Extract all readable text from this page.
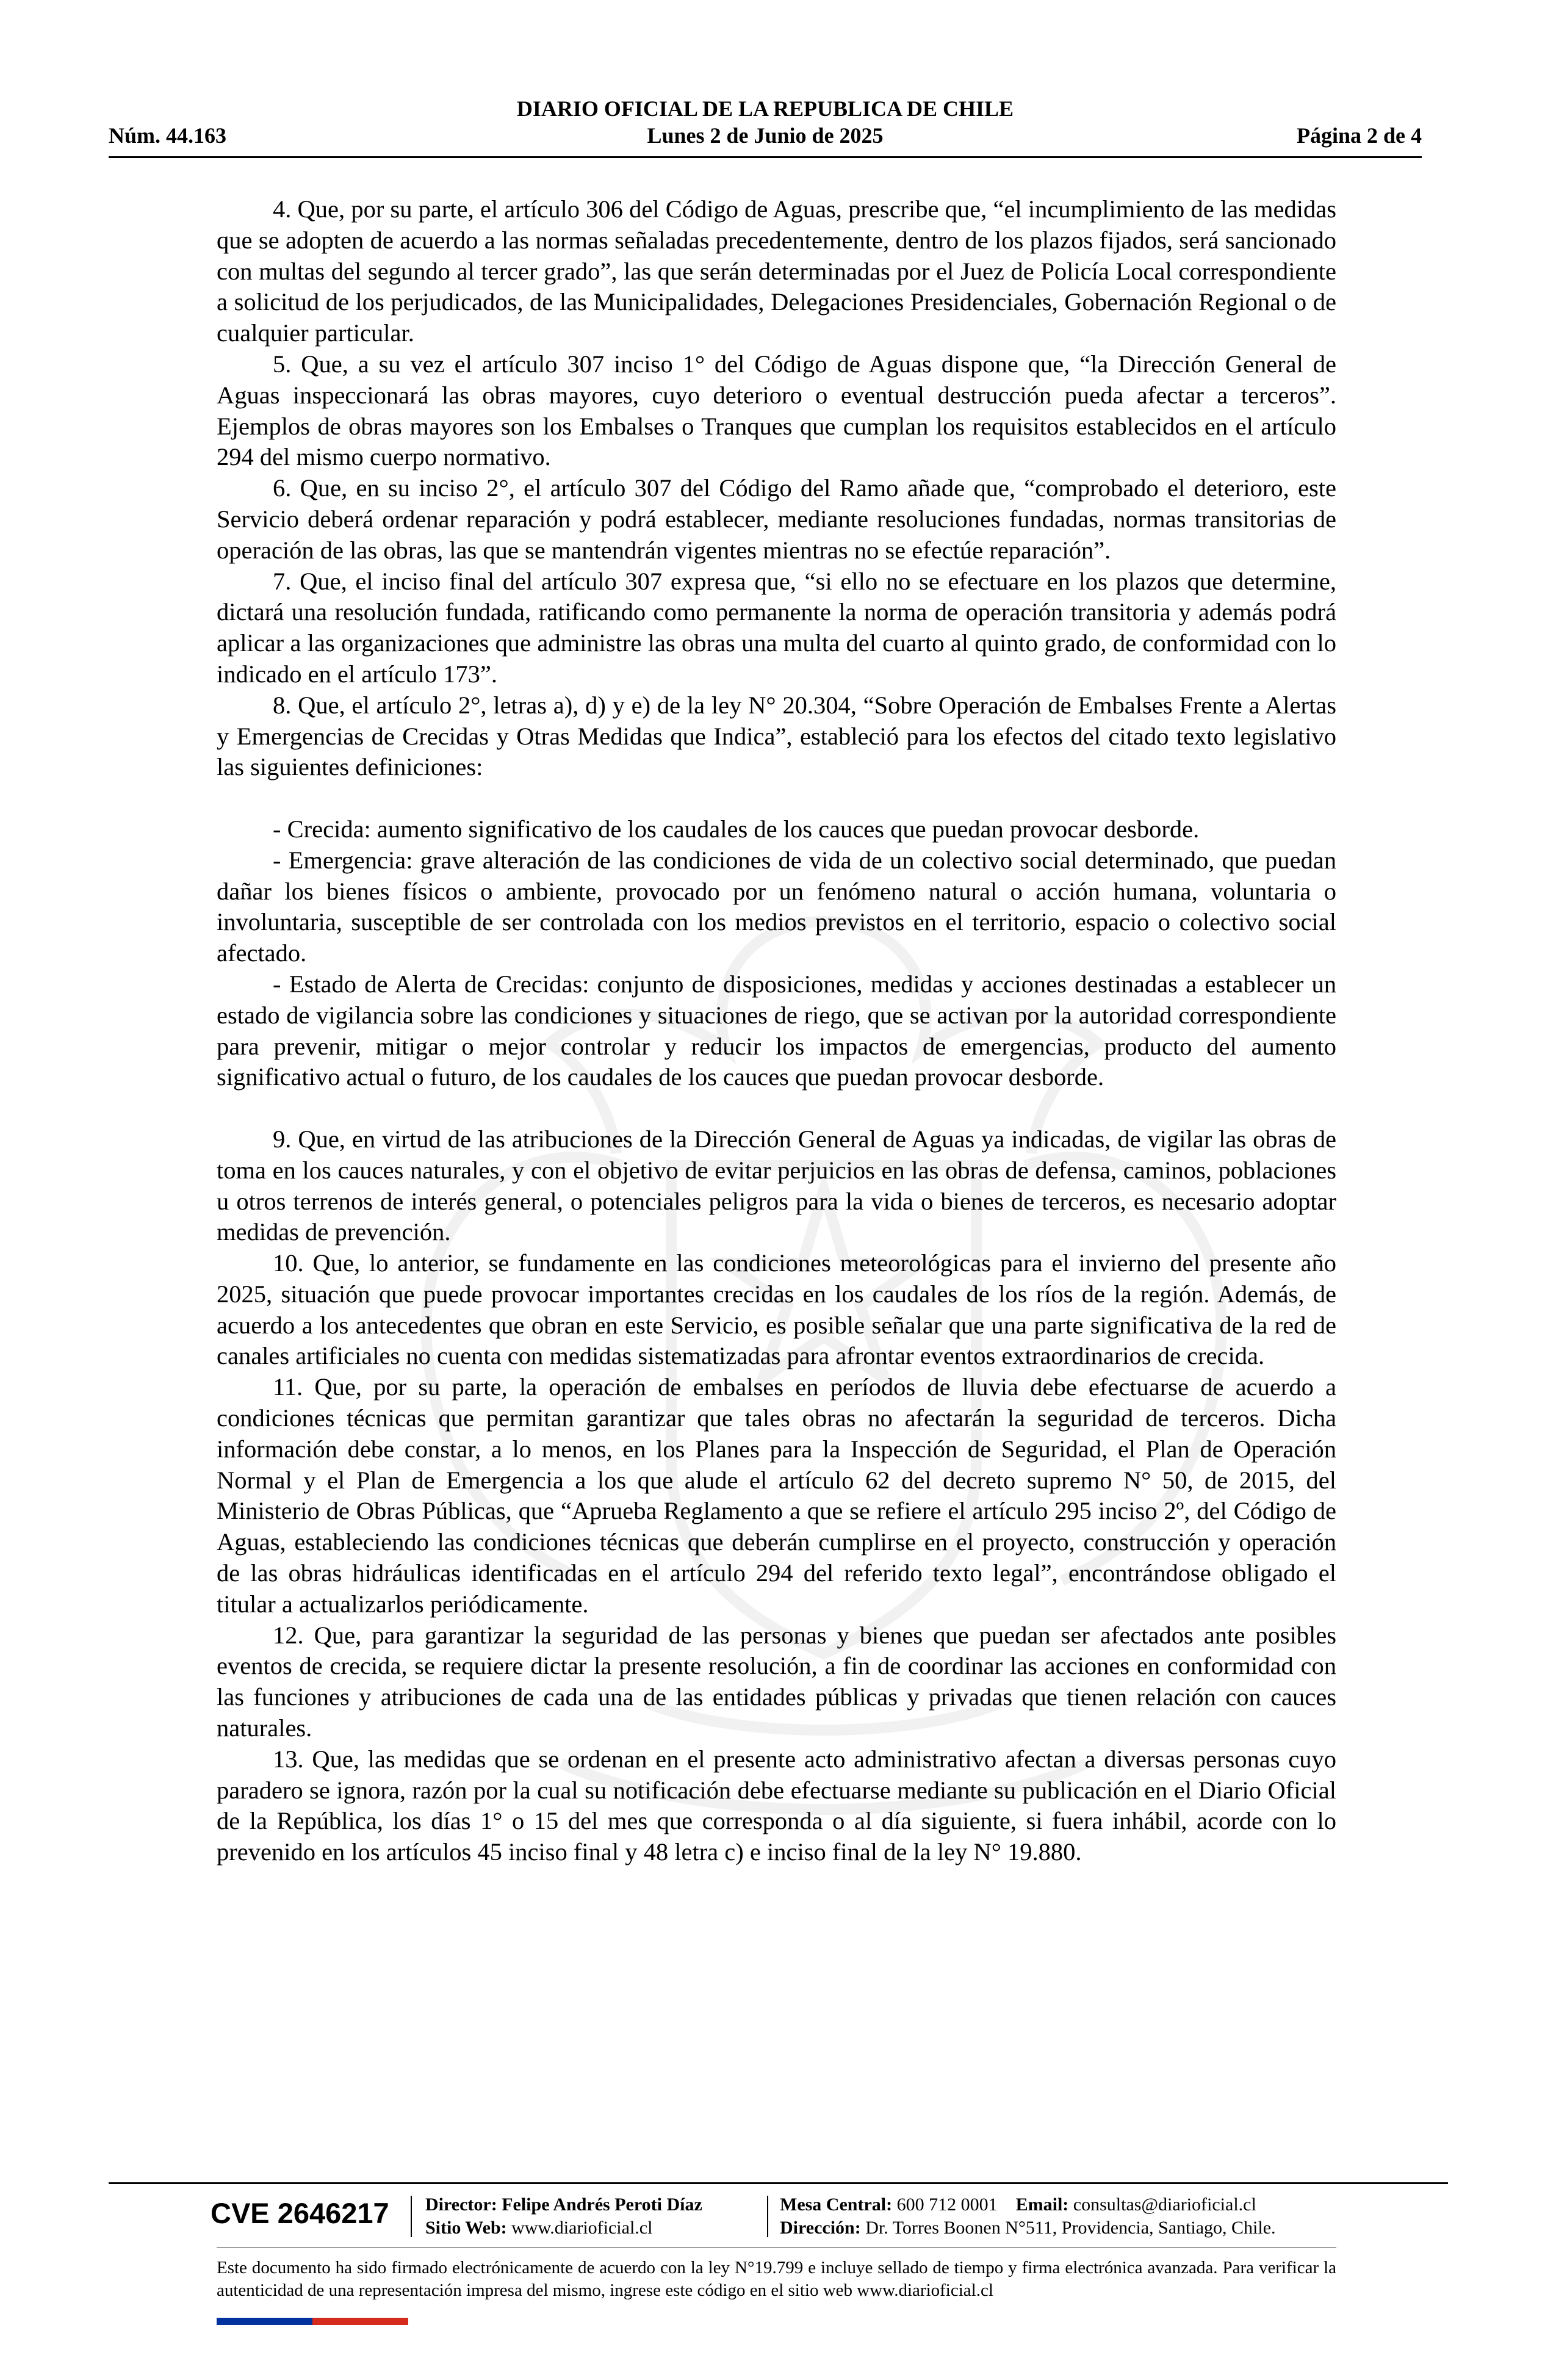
DIARIO OFICIAL DE LA REPUBLICA DE CHILE
Núm. 44.163	Lunes 2 de Junio de 2025	Página 2 de 4

4. Que, por su parte, el artículo 306 del Código de Aguas, prescribe que, “el incumplimiento de las medidas que se adopten de acuerdo a las normas señaladas precedentemente, dentro de los plazos fijados, será sancionado con multas del segundo al tercer grado”, las que serán determinadas por el Juez de Policía Local correspondiente a solicitud de los perjudicados, de las Municipalidades, Delegaciones Presidenciales, Gobernación Regional o de cualquier particular.

5. Que, a su vez el artículo 307 inciso 1° del Código de Aguas dispone que, “la Dirección General de Aguas inspeccionará las obras mayores, cuyo deterioro o eventual destrucción pueda afectar a terceros”. Ejemplos de obras mayores son los Embalses o Tranques que cumplan los requisitos establecidos en el artículo 294 del mismo cuerpo normativo.

6. Que, en su inciso 2°, el artículo 307 del Código del Ramo añade que, “comprobado el deterioro, este Servicio deberá ordenar reparación y podrá establecer, mediante resoluciones fundadas, normas transitorias de operación de las obras, las que se mantendrán vigentes mientras no se efectúe reparación”.

7. Que, el inciso final del artículo 307 expresa que, “si ello no se efectuare en los plazos que determine, dictará una resolución fundada, ratificando como permanente la norma de operación transitoria y además podrá aplicar a las organizaciones que administre las obras una multa del cuarto al quinto grado, de conformidad con lo indicado en el artículo 173”.

8. Que, el artículo 2°, letras a), d) y e) de la ley N° 20.304, “Sobre Operación de Embalses Frente a Alertas y Emergencias de Crecidas y Otras Medidas que Indica”, estableció para los efectos del citado texto legislativo las siguientes definiciones:

- Crecida: aumento significativo de los caudales de los cauces que puedan provocar desborde.

- Emergencia: grave alteración de las condiciones de vida de un colectivo social determinado, que puedan dañar los bienes físicos o ambiente, provocado por un fenómeno natural o acción humana, voluntaria o involuntaria, susceptible de ser controlada con los medios previstos en el territorio, espacio o colectivo social afectado.

- Estado de Alerta de Crecidas: conjunto de disposiciones, medidas y acciones destinadas a establecer un estado de vigilancia sobre las condiciones y situaciones de riego, que se activan por la autoridad correspondiente para prevenir, mitigar o mejor controlar y reducir los impactos de emergencias, producto del aumento significativo actual o futuro, de los caudales de los cauces que puedan provocar desborde.

9. Que, en virtud de las atribuciones de la Dirección General de Aguas ya indicadas, de vigilar las obras de toma en los cauces naturales, y con el objetivo de evitar perjuicios en las obras de defensa, caminos, poblaciones u otros terrenos de interés general, o potenciales peligros para la vida o bienes de terceros, es necesario adoptar medidas de prevención.

10. Que, lo anterior, se fundamente en las condiciones meteorológicas para el invierno del presente año 2025, situación que puede provocar importantes crecidas en los caudales de los ríos de la región. Además, de acuerdo a los antecedentes que obran en este Servicio, es posible señalar que una parte significativa de la red de canales artificiales no cuenta con medidas sistematizadas para afrontar eventos extraordinarios de crecida.

11. Que, por su parte, la operación de embalses en períodos de lluvia debe efectuarse de acuerdo a condiciones técnicas que permitan garantizar que tales obras no afectarán la seguridad de terceros. Dicha información debe constar, a lo menos, en los Planes para la Inspección de Seguridad, el Plan de Operación Normal y el Plan de Emergencia a los que alude el artículo 62 del decreto supremo N° 50, de 2015, del Ministerio de Obras Públicas, que “Aprueba Reglamento a que se refiere el artículo 295 inciso 2º, del Código de Aguas, estableciendo las condiciones técnicas que deberán cumplirse en el proyecto, construcción y operación de las obras hidráulicas identificadas en el artículo 294 del referido texto legal”, encontrándose obligado el titular a actualizarlos periódicamente.

12. Que, para garantizar la seguridad de las personas y bienes que puedan ser afectados ante posibles eventos de crecida, se requiere dictar la presente resolución, a fin de coordinar las acciones en conformidad con las funciones y atribuciones de cada una de las entidades públicas y privadas que tienen relación con cauces naturales.

13. Que, las medidas que se ordenan en el presente acto administrativo afectan a diversas personas cuyo paradero se ignora, razón por la cual su notificación debe efectuarse mediante su publicación en el Diario Oficial de la República, los días 1° o 15 del mes que corresponda o al día siguiente, si fuera inhábil, acorde con lo prevenido en los artículos 45 inciso final y 48 letra c) e inciso final de la ley N° 19.880.

CVE 2646217 Director: Felipe Andrés Peroti Díaz
Sitio Web: www.diarioficial.cl
Mesa Central: 600 712 0001 Email: consultas@diarioficial.cl
Dirección: Dr. Torres Boonen N°511, Providencia, Santiago, Chile.
Este documento ha sido firmado electrónicamente de acuerdo con la ley N°19.799 e incluye sellado de tiempo y firma electrónica avanzada. Para verificar la autenticidad de una representación impresa del mismo, ingrese este código en el sitio web www.diarioficial.cl
